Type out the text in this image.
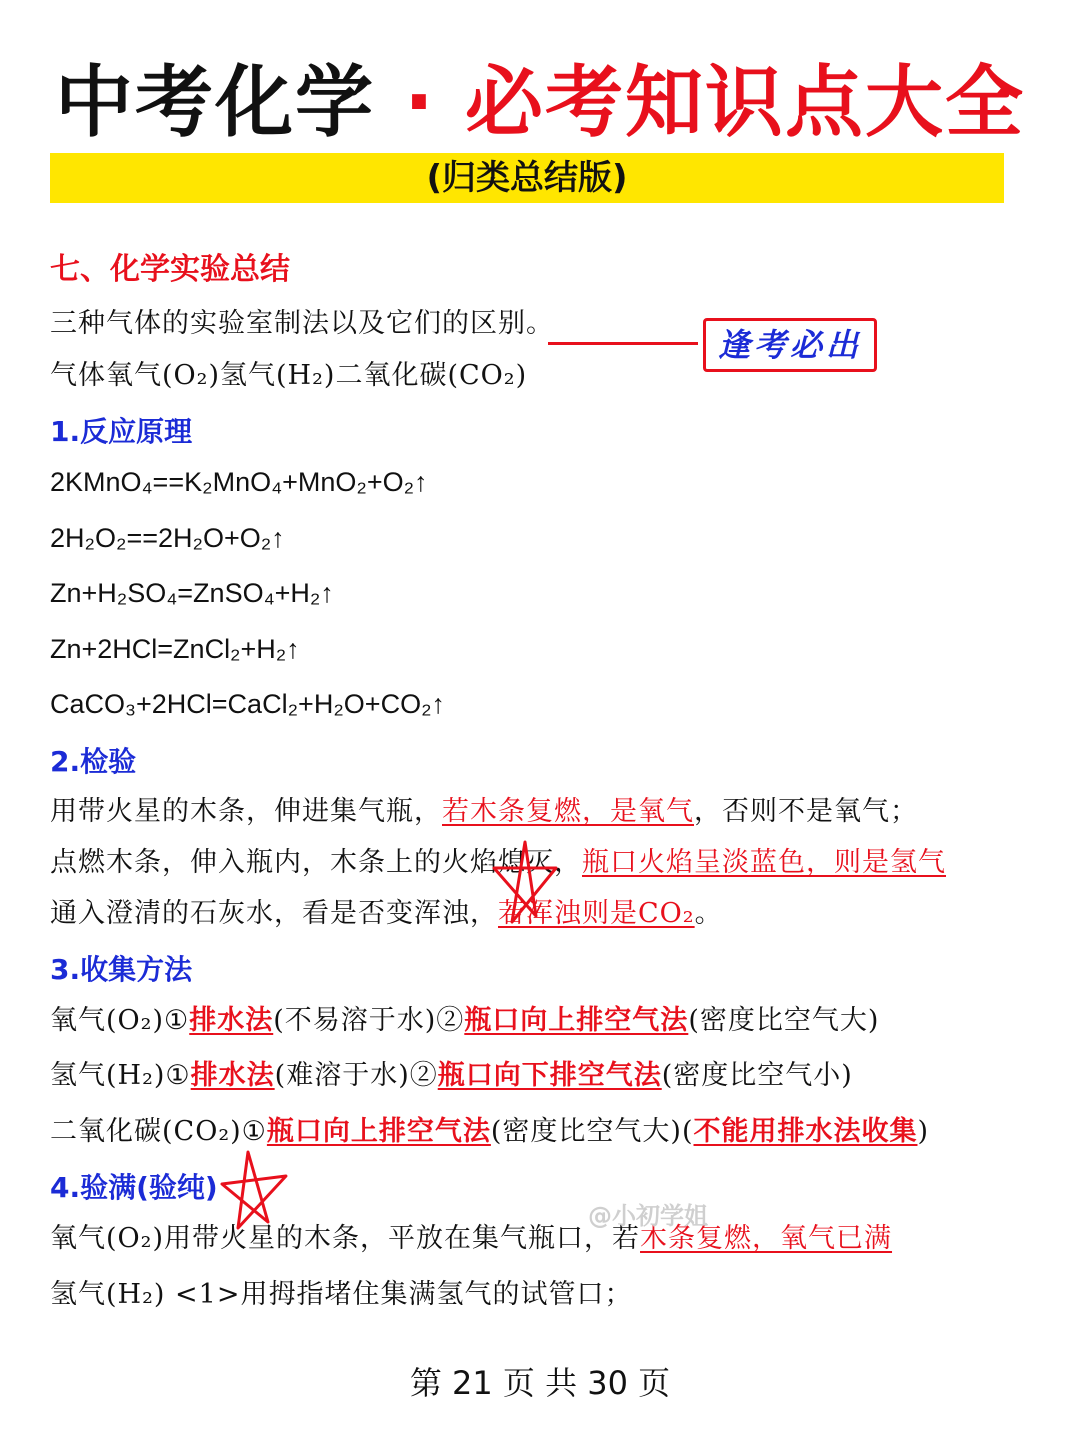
中考化学 · 必考知识点大全
(归类总结版)
七、化学实验总结
三种气体的实验室制法以及它们的区别。
气体氧气(O₂)氢气(H₂)二氧化碳(CO₂)
1.反应原理
2KMnO₄==K₂MnO₄+MnO₂+O₂↑
2H₂O₂==2H₂O+O₂↑
Zn+H₂SO₄=ZnSO₄+H₂↑
Zn+2HCl=ZnCl₂+H₂↑
CaCO₃+2HCl=CaCl₂+H₂O+CO₂↑
2.检验
用带火星的木条，伸进集气瓶，若木条复燃，是氧气，否则不是氧气；
点燃木条，伸入瓶内，木条上的火焰熄灭，瓶口火焰呈淡蓝色，则是氢气
通入澄清的石灰水，看是否变浑浊，若浑浊则是CO₂。
3.收集方法
氧气(O₂)①排水法(不易溶于水)②瓶口向上排空气法(密度比空气大)
氢气(H₂)①排水法(难溶于水)②瓶口向下排空气法(密度比空气小)
二氧化碳(CO₂)①瓶口向上排空气法(密度比空气大)(不能用排水法收集)
4.验满(验纯)
氧气(O₂)用带火星的木条，平放在集气瓶口，若木条复燃，氧气已满
氢气(H₂) <1>用拇指堵住集满氢气的试管口；
逢考必出
@小初学姐
第 21 页 共 30 页
